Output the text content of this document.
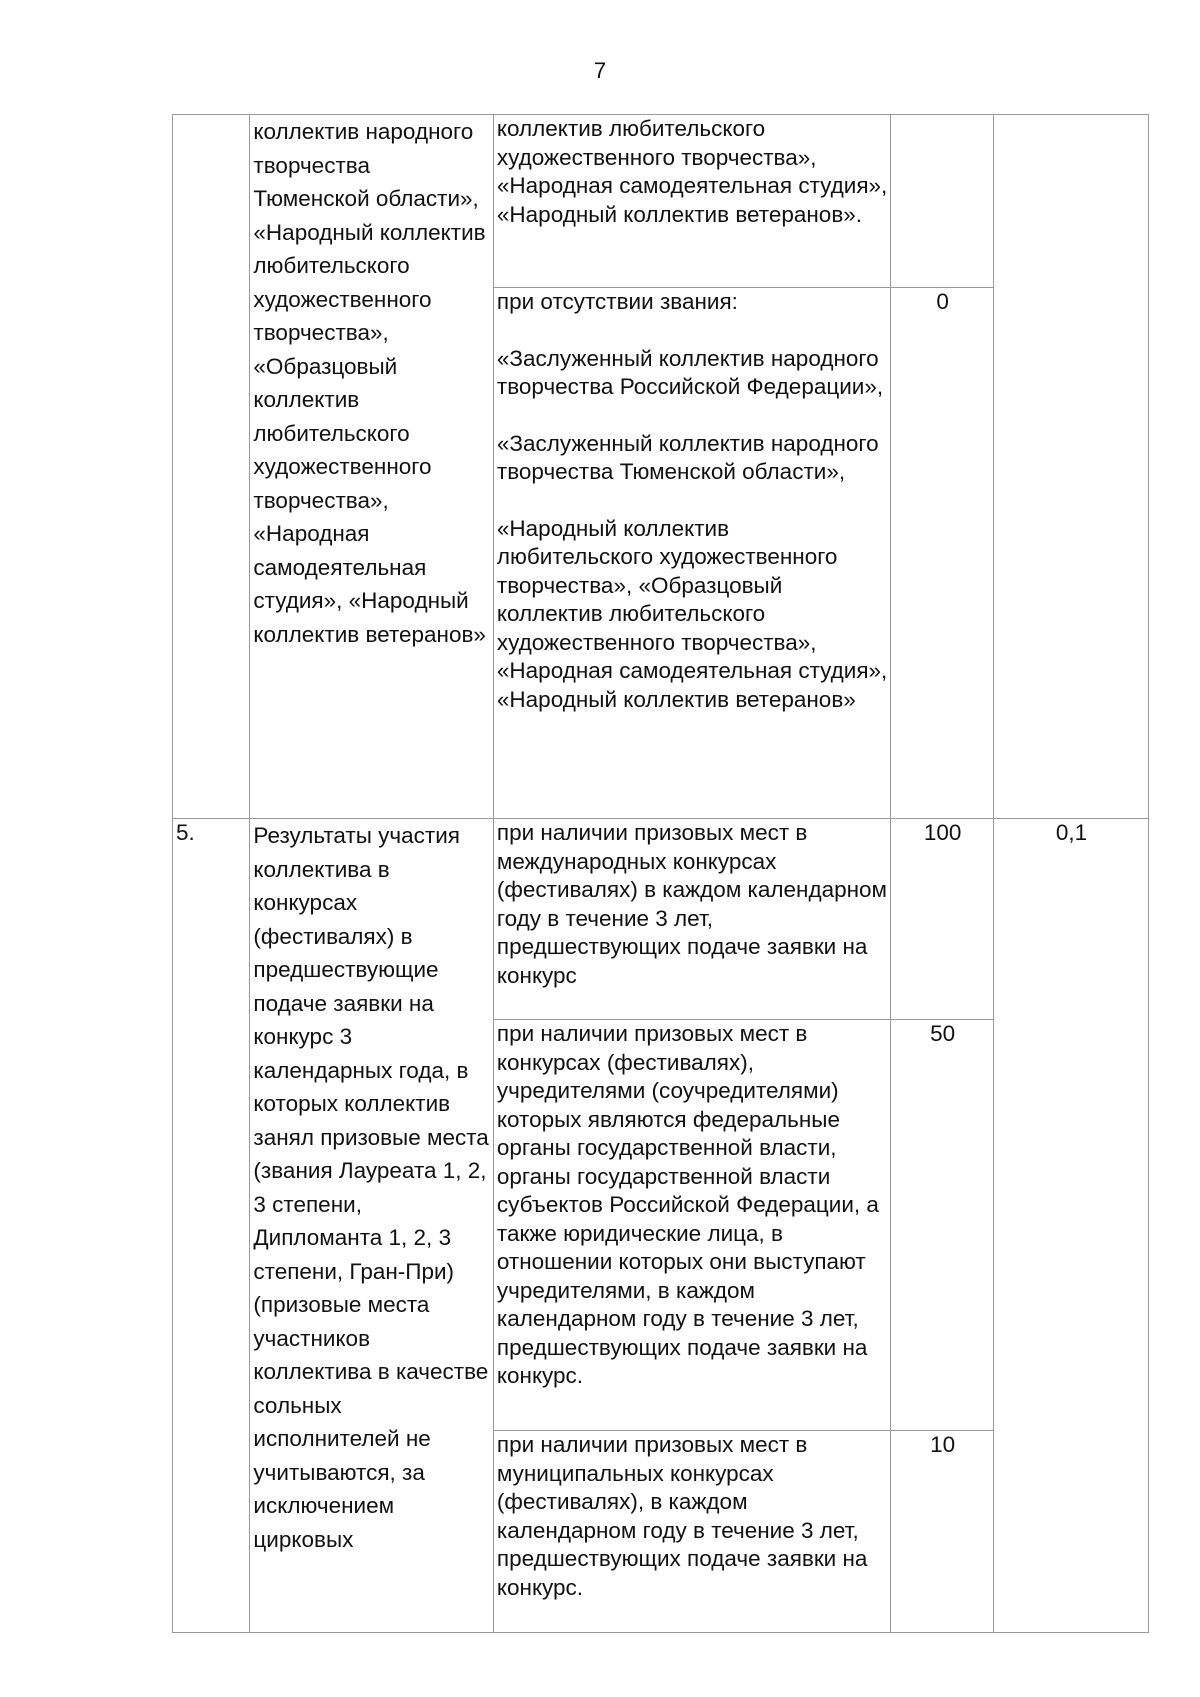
7

	коллектив народного творчества Тюменской области», «Народный коллектив любительского художественного творчества», «Образцовый коллектив любительского художественного творчества», «Народная самодеятельная студия», «Народный коллектив ветеранов»	коллектив любительского художественного творчества», «Народная самодеятельная студия», «Народный коллектив ветеранов».		

		при отсутствии звания:
«Заслуженный коллектив народного творчества Российской Федерации»,
«Заслуженный коллектив народного творчества Тюменской области»,
«Народный коллектив любительского художественного творчества», «Образцовый коллектив любительского художественного творчества», «Народная самодеятельная студия», «Народный коллектив ветеранов»	0	
5.	Результаты участия коллектива в конкурсах (фестивалях) в предшествующие подаче заявки на конкурс 3 календарных года, в которых коллектив занял призовые места (звания Лауреата 1, 2, 3 степени, Дипломанта 1, 2, 3 степени, Гран-При) (призовые места участников коллектива в качестве сольных исполнителей не учитываются, за исключением цирковых	при наличии призовых мест в международных конкурсах (фестивалях) в каждом календарном году в течение 3 лет, предшествующих подаче заявки на конкурс	100	0,1
		при наличии призовых мест в конкурсах (фестивалях), учредителями (соучредителями) которых являются федеральные органы государственной власти, органы государственной власти субъектов Российской Федерации, а также юридические лица, в отношении которых они выступают учредителями, в каждом календарном году в течение 3 лет, предшествующих подаче заявки на конкурс.	50	
		при наличии призовых мест в муниципальных конкурсах (фестивалях), в каждом календарном году в течение 3 лет, предшествующих подаче заявки на конкурс.	10	
